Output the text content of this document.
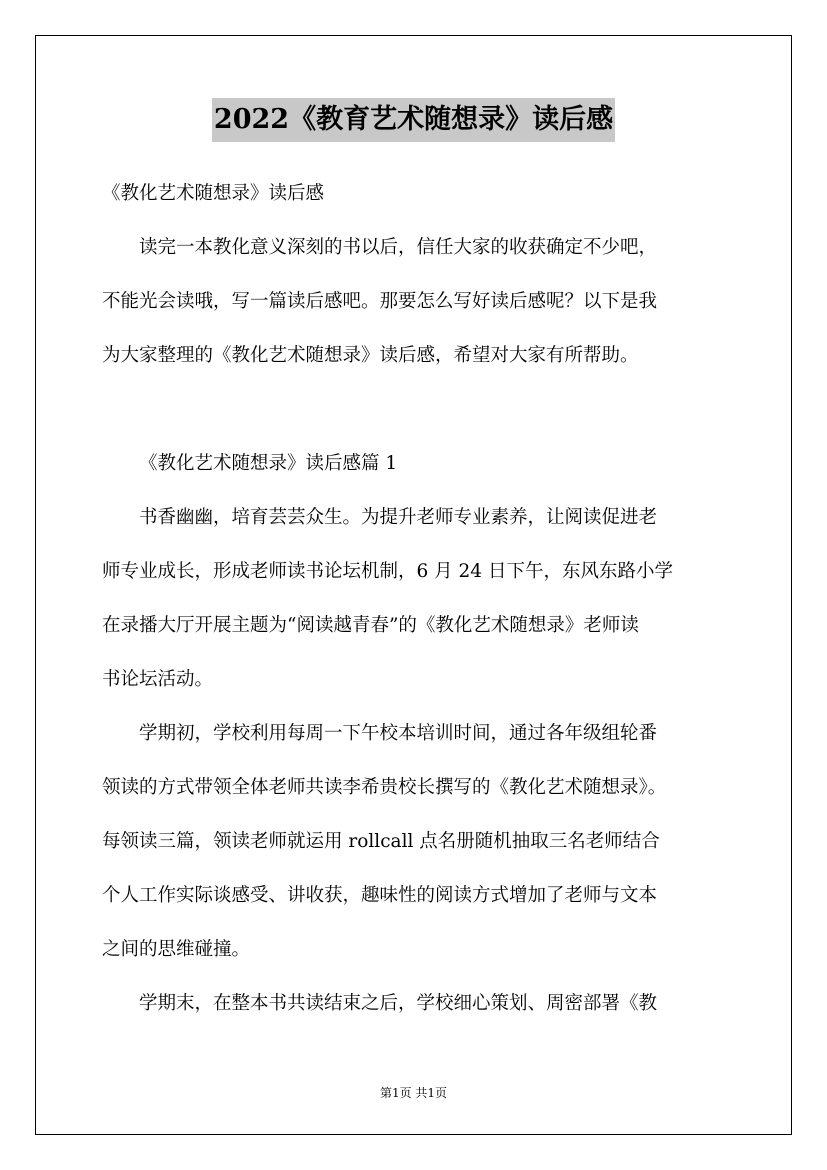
2022《教育艺术随想录》读后感
《教化艺术随想录》读后感
读完一本教化意义深刻的书以后，信任大家的收获确定不少吧，
不能光会读哦，写一篇读后感吧。那要怎么写好读后感呢？以下是我
为大家整理的《教化艺术随想录》读后感，希望对大家有所帮助。
《教化艺术随想录》读后感篇 1
书香幽幽，培育芸芸众生。为提升老师专业素养，让阅读促进老
师专业成长，形成老师读书论坛机制，6 月 24 日下午，东风东路小学
在录播大厅开展主题为“阅读越青春”的《教化艺术随想录》老师读
书论坛活动。
学期初，学校利用每周一下午校本培训时间，通过各年级组轮番
领读的方式带领全体老师共读李希贵校长撰写的《教化艺术随想录》。
每领读三篇，领读老师就运用 rollcall 点名册随机抽取三名老师结合
个人工作实际谈感受、讲收获，趣味性的阅读方式增加了老师与文本
之间的思维碰撞。
学期末，在整本书共读结束之后，学校细心策划、周密部署《教
第1页 共1页
